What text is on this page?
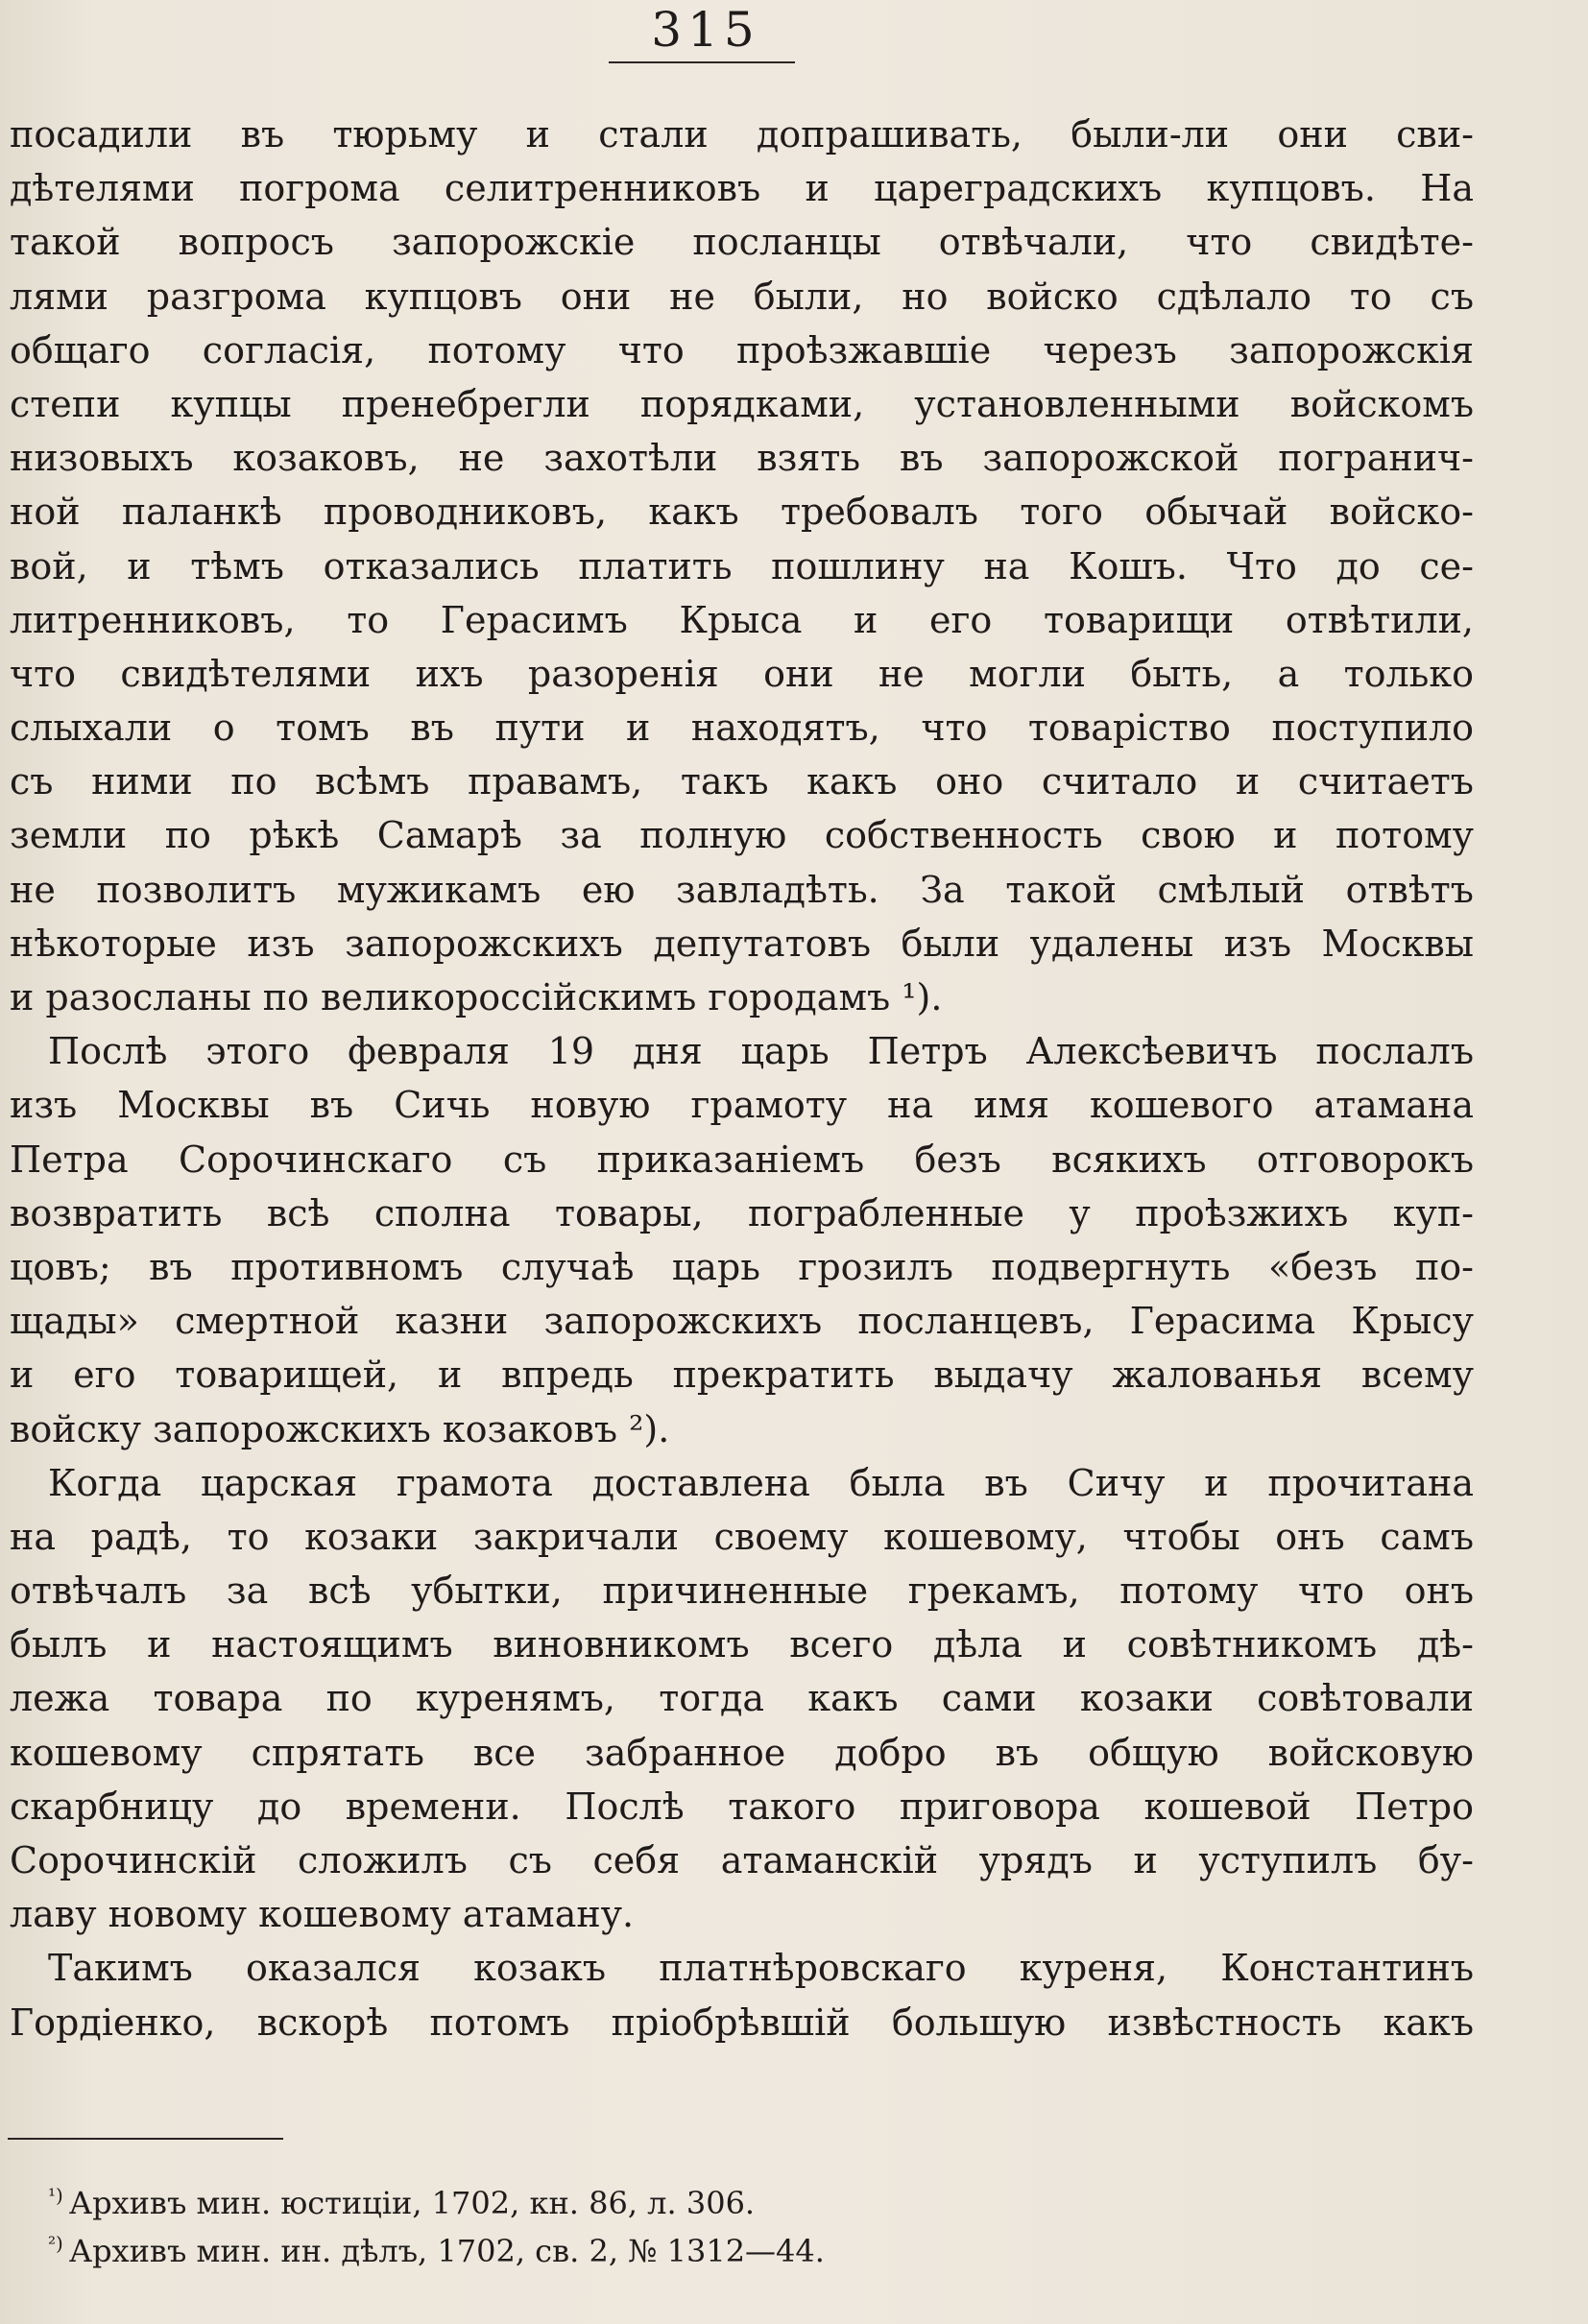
315
посадили въ тюрьму и стали допрашивать, были-ли они сви-
дѣтелями погрома селитренниковъ и цареградскихъ купцовъ. На
такой вопросъ запорожскіе посланцы отвѣчали, что свидѣте-
лями разгрома купцовъ они не были, но войско сдѣлало то съ
общаго согласія, потому что проѣзжавшіе черезъ запорожскія
степи купцы пренебрегли порядками, установленными войскомъ
низовыхъ козаковъ, не захотѣли взять въ запорожской погранич-
ной паланкѣ проводниковъ, какъ требовалъ того обычай войско-
вой, и тѣмъ отказались платить пошлину на Кошъ. Что до се-
литренниковъ, то Герасимъ Крыса и его товарищи отвѣтили,
что свидѣтелями ихъ разоренія они не могли быть, а только
слыхали о томъ въ пути и находятъ, что товарiство поступило
съ ними по всѣмъ правамъ, такъ какъ оно считало и считаетъ
земли по рѣкѣ Самарѣ за полную собственность свою и потому
не позволитъ мужикамъ ею завладѣть. За такой смѣлый отвѣтъ
нѣкоторые изъ запорожскихъ депутатовъ были удалены изъ Москвы
и разосланы по великороссійскимъ городамъ ¹).
Послѣ этого февраля 19 дня царь Петръ Алексѣевичъ послалъ
изъ Москвы въ Сичь новую грамоту на имя кошевого атамана
Петра Сорочинскаго съ приказаніемъ безъ всякихъ отговорокъ
возвратить всѣ сполна товары, пограбленные у проѣзжихъ куп-
цовъ; въ противномъ случаѣ царь грозилъ подвергнуть «безъ по-
щады» смертной казни запорожскихъ посланцевъ, Герасима Крысу
и его товарищей, и впредь прекратить выдачу жалованья всему
войску запорожскихъ козаковъ ²).
Когда царская грамота доставлена была въ Сичу и прочитана
на радѣ, то козаки закричали своему кошевому, чтобы онъ самъ
отвѣчалъ за всѣ убытки, причиненные грекамъ, потому что онъ
былъ и настоящимъ виновникомъ всего дѣла и совѣтникомъ дѣ-
лежа товара по куренямъ, тогда какъ сами козаки совѣтовали
кошевому спрятать все забранное добро въ общую войсковую
скарбницу до времени. Послѣ такого приговора кошевой Петро
Сорочинскій сложилъ съ себя атаманскій урядъ и уступилъ бу-
лаву новому кошевому атаману.
Такимъ оказался козакъ платнѣровскаго куреня, Константинъ
Гордіенко, вскорѣ потомъ пріобрѣвшій большую извѣстность какъ
$^{^1)}$ Архивъ мин. юстиціи, 1702, кн. 86, л. 306.
$^{^2)}$ Архивъ мин. ин. дѣлъ, 1702, св. 2, № 1312—44.
